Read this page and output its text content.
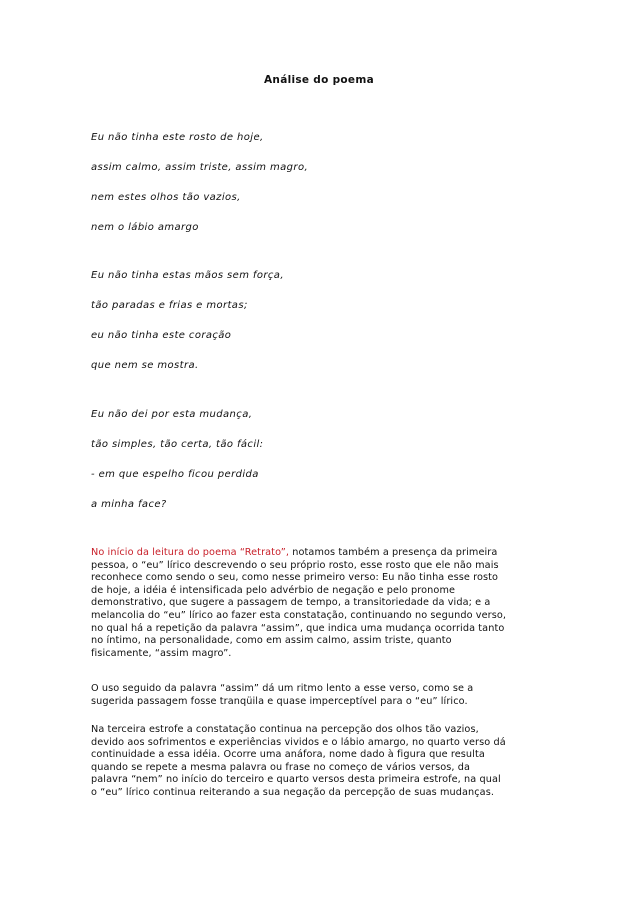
Análise do poema
Eu não tinha este rosto de hoje,
assim calmo, assim triste, assim magro,
nem estes olhos tão vazios,
nem o lábio amargo
Eu não tinha estas mãos sem força,
tão paradas e frias e mortas;
eu não tinha este coração
que nem se mostra.
Eu não dei por esta mudança,
tão simples, tão certa, tão fácil:
- em que espelho ficou perdida
a minha face?
No início da leitura do poema “Retrato”, notamos também a presença da primeira
pessoa, o “eu” lírico descrevendo o seu próprio rosto, esse rosto que ele não mais
reconhece como sendo o seu, como nesse primeiro verso: Eu não tinha esse rosto
de hoje, a idéia é intensificada pelo advérbio de negação e pelo pronome
demonstrativo, que sugere a passagem de tempo, a transitoriedade da vida; e a
melancolia do “eu” lírico ao fazer esta constatação, continuando no segundo verso,
no qual há a repetição da palavra “assim”, que indica uma mudança ocorrida tanto
no íntimo, na personalidade, como em assim calmo, assim triste, quanto
fisicamente, “assim magro”.
O uso seguido da palavra “assim” dá um ritmo lento a esse verso, como se a
sugerida passagem fosse tranqüila e quase imperceptível para o “eu” lírico.
Na terceira estrofe a constatação continua na percepção dos olhos tão vazios,
devido aos sofrimentos e experiências vividos e o lábio amargo, no quarto verso dá
continuidade a essa idéia. Ocorre uma anáfora, nome dado à figura que resulta
quando se repete a mesma palavra ou frase no começo de vários versos, da
palavra “nem” no início do terceiro e quarto versos desta primeira estrofe, na qual
o “eu” lírico continua reiterando a sua negação da percepção de suas mudanças.
